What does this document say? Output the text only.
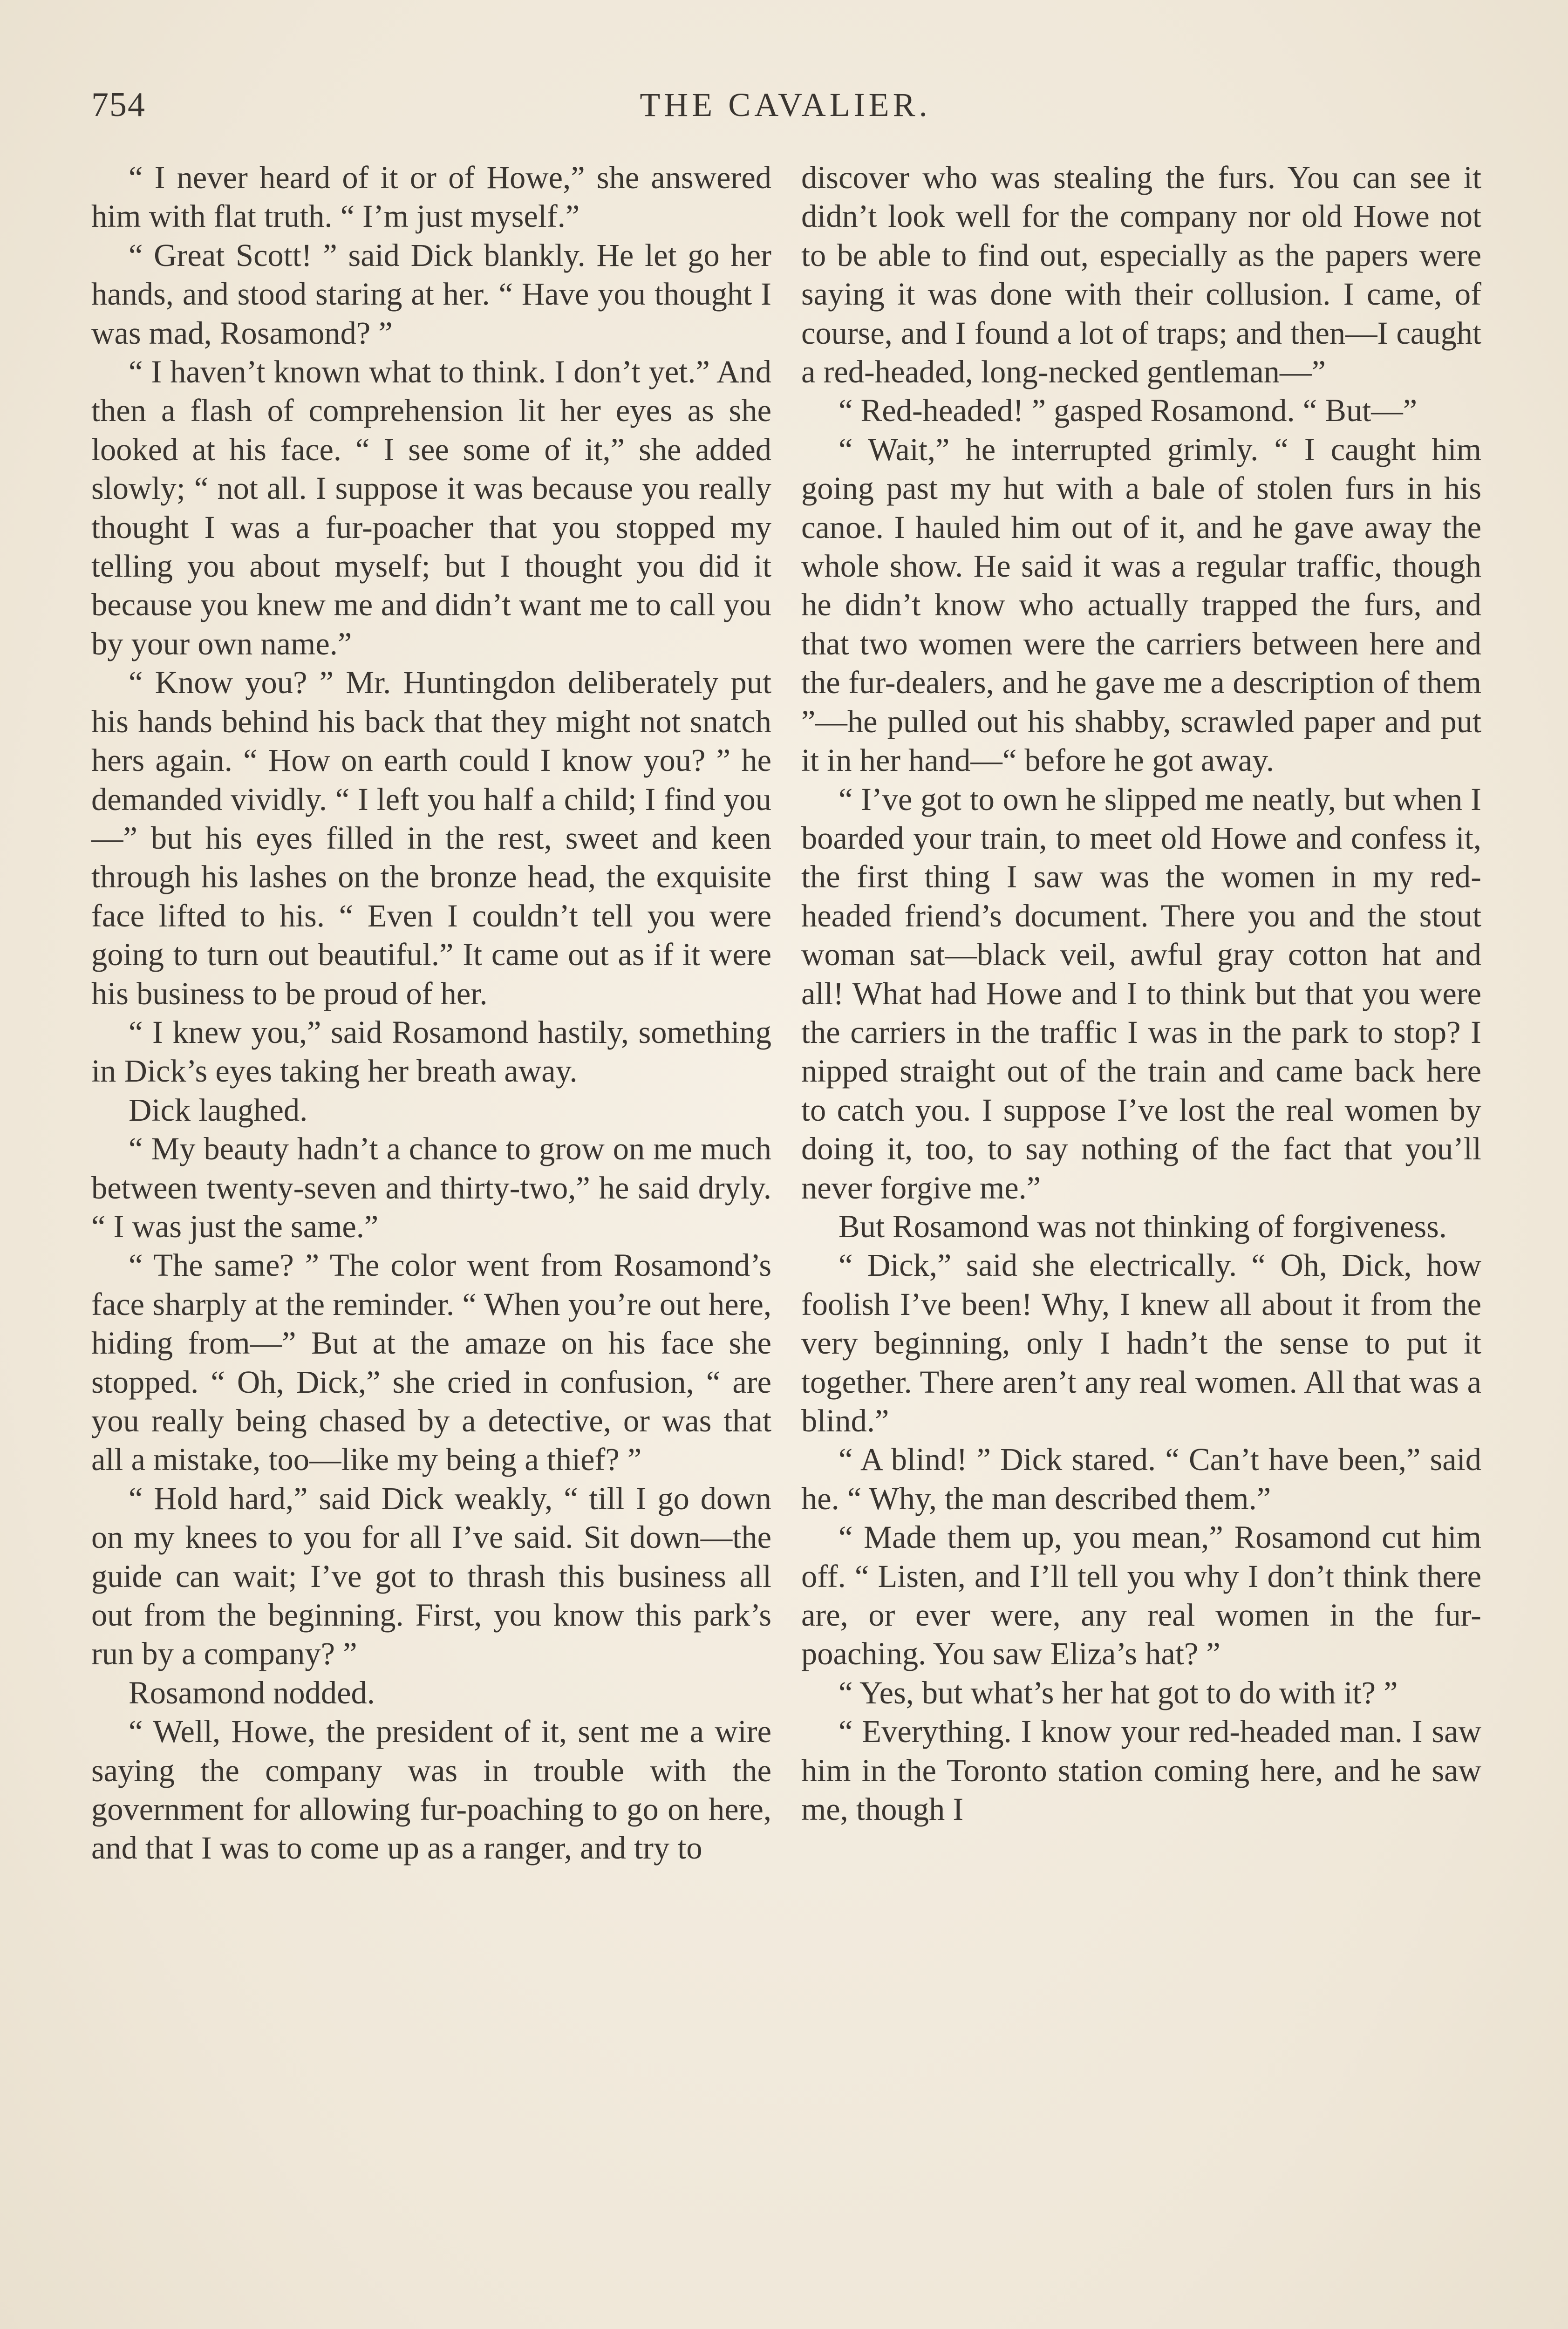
754	THE CAVALIER.

“ I never heard of it or of Howe,” she answered him with flat truth. “ I’m just myself.”

“ Great Scott! ” said Dick blankly. He let go her hands, and stood staring at her. “ Have you thought I was mad, Rosamond? ”

“ I haven’t known what to think. I don’t yet.” And then a flash of comprehension lit her eyes as she looked at his face. “ I see some of it,” she added slowly; “ not all. I suppose it was because you really thought I was a fur-poacher that you stopped my telling you about myself; but I thought you did it because you knew me and didn’t want me to call you by your own name.”

“ Know you? ” Mr. Huntingdon deliberately put his hands behind his back that they might not snatch hers again. “ How on earth could I know you? ” he demanded vividly. “ I left you half a child; I find you—” but his eyes filled in the rest, sweet and keen through his lashes on the bronze head, the exquisite face lifted to his. “ Even I couldn’t tell you were going to turn out beautiful.” It came out as if it were his business to be proud of her.

“ I knew you,” said Rosamond hastily, something in Dick’s eyes taking her breath away.

Dick laughed.

“ My beauty hadn’t a chance to grow on me much between twenty-seven and thirty-two,” he said dryly. “ I was just the same.”

“ The same? ” The color went from Rosamond’s face sharply at the reminder. “ When you’re out here, hiding from—” But at the amaze on his face she stopped. “ Oh, Dick,” she cried in confusion, “ are you really being chased by a detective, or was that all a mistake, too—like my being a thief? ”

“ Hold hard,” said Dick weakly, “ till I go down on my knees to you for all I’ve said. Sit down—the guide can wait; I’ve got to thrash this business all out from the beginning. First, you know this park’s run by a company? ”

Rosamond nodded.

“ Well, Howe, the president of it, sent me a wire saying the company was in trouble with the government for allowing fur-poaching to go on here, and that I was to come up as a ranger, and try to

discover who was stealing the furs. You can see it didn’t look well for the company nor old Howe not to be able to find out, especially as the papers were saying it was done with their collusion. I came, of course, and I found a lot of traps; and then—I caught a red-headed, long-necked gentleman—”

“ Red-headed! ” gasped Rosamond. “ But—”

“ Wait,” he interrupted grimly. “ I caught him going past my hut with a bale of stolen furs in his canoe. I hauled him out of it, and he gave away the whole show. He said it was a regular traffic, though he didn’t know who actually trapped the furs, and that two women were the carriers between here and the fur-dealers, and he gave me a description of them ”—he pulled out his shabby, scrawled paper and put it in her hand—“ before he got away.

“ I’ve got to own he slipped me neatly, but when I boarded your train, to meet old Howe and confess it, the first thing I saw was the women in my red-headed friend’s document. There you and the stout woman sat—black veil, awful gray cotton hat and all! What had Howe and I to think but that you were the carriers in the traffic I was in the park to stop? I nipped straight out of the train and came back here to catch you. I suppose I’ve lost the real women by doing it, too, to say nothing of the fact that you’ll never forgive me.”

But Rosamond was not thinking of forgiveness.

“ Dick,” said she electrically. “ Oh, Dick, how foolish I’ve been! Why, I knew all about it from the very beginning, only I hadn’t the sense to put it together. There aren’t any real women. All that was a blind.”

“ A blind! ” Dick stared. “ Can’t have been,” said he. “ Why, the man described them.”

“ Made them up, you mean,” Rosamond cut him off. “ Listen, and I’ll tell you why I don’t think there are, or ever were, any real women in the fur-poaching. You saw Eliza’s hat? ”

“ Yes, but what’s her hat got to do with it? ”

“ Everything. I know your red-headed man. I saw him in the Toronto station coming here, and he saw me, though I
